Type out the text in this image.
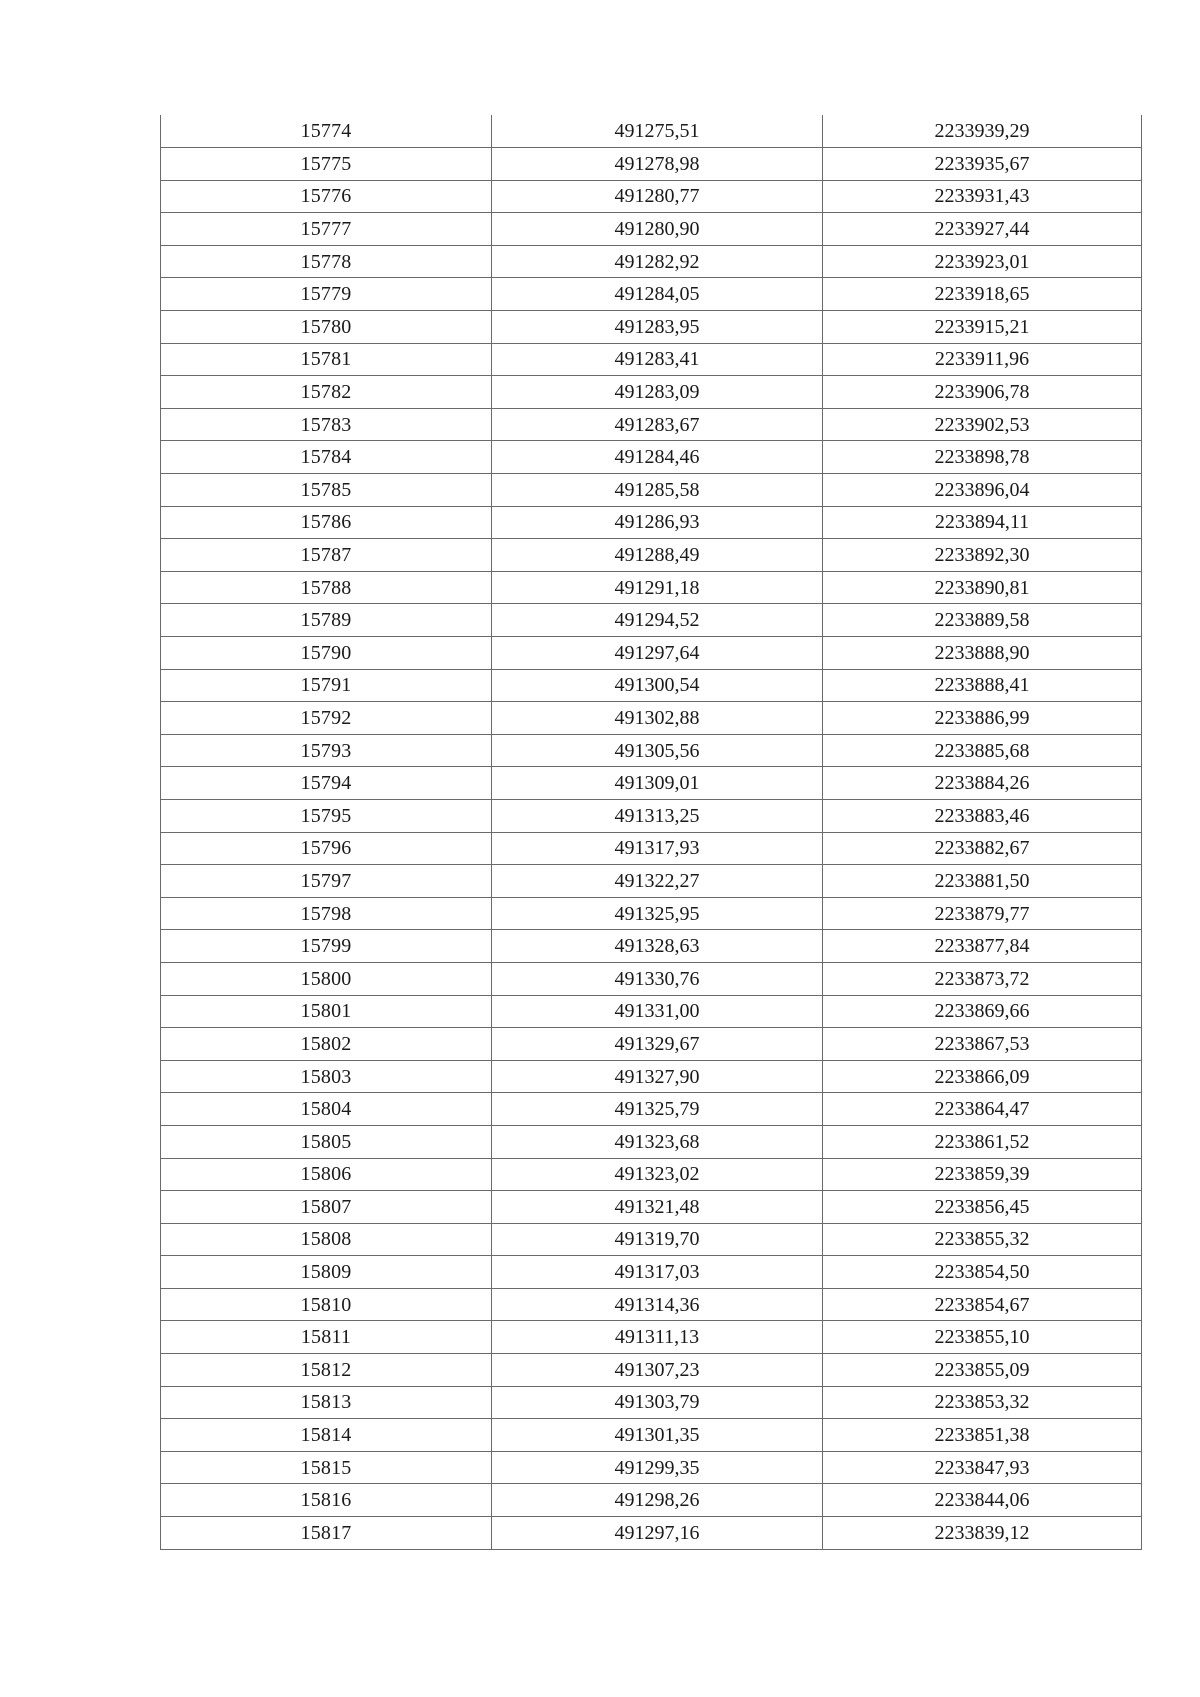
15774	491275,51	2233939,29
15775	491278,98	2233935,67
15776	491280,77	2233931,43
15777	491280,90	2233927,44
15778	491282,92	2233923,01
15779	491284,05	2233918,65
15780	491283,95	2233915,21
15781	491283,41	2233911,96
15782	491283,09	2233906,78
15783	491283,67	2233902,53
15784	491284,46	2233898,78
15785	491285,58	2233896,04
15786	491286,93	2233894,11
15787	491288,49	2233892,30
15788	491291,18	2233890,81
15789	491294,52	2233889,58
15790	491297,64	2233888,90
15791	491300,54	2233888,41
15792	491302,88	2233886,99
15793	491305,56	2233885,68
15794	491309,01	2233884,26
15795	491313,25	2233883,46
15796	491317,93	2233882,67
15797	491322,27	2233881,50
15798	491325,95	2233879,77
15799	491328,63	2233877,84
15800	491330,76	2233873,72
15801	491331,00	2233869,66
15802	491329,67	2233867,53
15803	491327,90	2233866,09
15804	491325,79	2233864,47
15805	491323,68	2233861,52
15806	491323,02	2233859,39
15807	491321,48	2233856,45
15808	491319,70	2233855,32
15809	491317,03	2233854,50
15810	491314,36	2233854,67
15811	491311,13	2233855,10
15812	491307,23	2233855,09
15813	491303,79	2233853,32
15814	491301,35	2233851,38
15815	491299,35	2233847,93
15816	491298,26	2233844,06
15817	491297,16	2233839,12
